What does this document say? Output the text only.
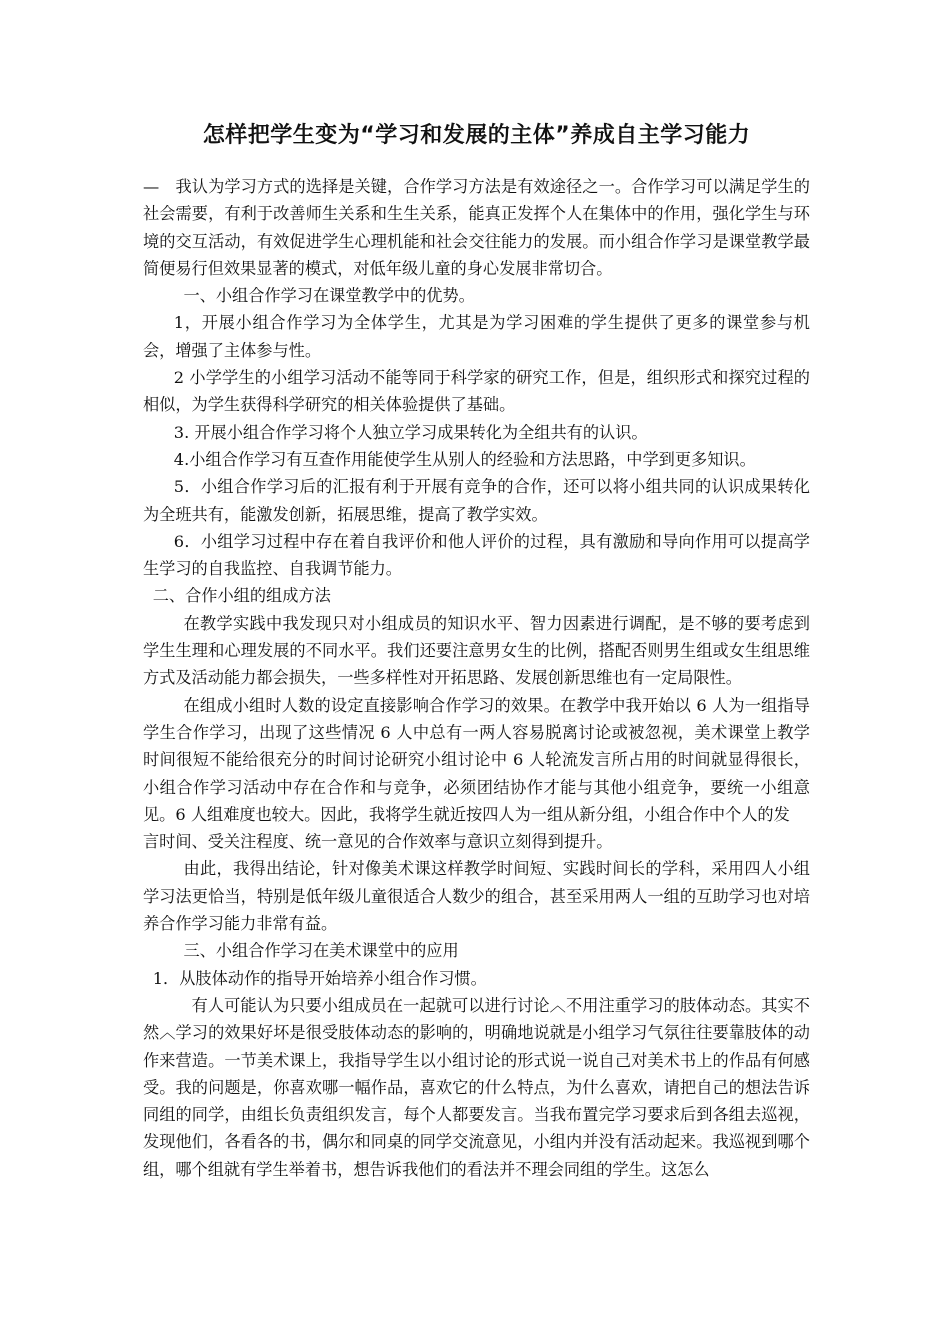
怎样把学生变为“学习和发展的主体”养成自主学习能力

—　我认为学习方式的选择是关键，合作学习方法是有效途径之一。合作学习可以满足学生的社会需要，有利于改善师生关系和生生关系，能真正发挥个人在集体中的作用，强化学生与环境的交互活动，有效促进学生心理机能和社会交往能力的发展。而小组合作学习是课堂教学最简便易行但效果显著的模式，对低年级儿童的身心发展非常切合。

一、小组合作学习在课堂教学中的优势。

1，开展小组合作学习为全体学生，尤其是为学习困难的学生提供了更多的课堂参与机会，增强了主体参与性。

2 小学学生的小组学习活动不能等同于科学家的研究工作，但是，组织形式和探究过程的相似，为学生获得科学研究的相关体验提供了基础。

3. 开展小组合作学习将个人独立学习成果转化为全组共有的认识。

4.小组合作学习有互查作用能使学生从别人的经验和方法思路，中学到更多知识。

5．小组合作学习后的汇报有利于开展有竞争的合作，还可以将小组共同的认识成果转化为全班共有，能激发创新，拓展思维，提高了教学实效。

6．小组学习过程中存在着自我评价和他人评价的过程，具有激励和导向作用可以提高学生学习的自我监控、自我调节能力。

二、合作小组的组成方法

在教学实践中我发现只对小组成员的知识水平、智力因素进行调配，是不够的要考虑到学生生理和心理发展的不同水平。我们还要注意男女生的比例，搭配否则男生组或女生组思维方式及活动能力都会损失，一些多样性对开拓思路、发展创新思维也有一定局限性。

在组成小组时人数的设定直接影响合作学习的效果。在教学中我开始以 6 人为一组指导学生合作学习，出现了这些情况 6 人中总有一两人容易脱离讨论或被忽视，美术课堂上教学时间很短不能给很充分的时间讨论研究小组讨论中 6 人轮流发言所占用的时间就显得很长，小组合作学习活动中存在合作和与竞争，必须团结协作才能与其他小组竞争，要统一小组意见。6 人组难度也较大。因此，我将学生就近按四人为一组从新分组，小组合作中个人的发

言时间、受关注程度、统一意见的合作效率与意识立刻得到提升。

由此，我得出结论，针对像美术课这样教学时间短、实践时间长的学科，采用四人小组学习法更恰当，特别是低年级儿童很适合人数少的组合，甚至采用两人一组的互助学习也对培养合作学习能力非常有益。

三、小组合作学习在美术课堂中的应用

1．从肢体动作的指导开始培养小组合作习惯。

有人可能认为只要小组成员在一起就可以进行讨论︿不用注重学习的肢体动态。其实不然︿学习的效果好坏是很受肢体动态的影响的，明确地说就是小组学习气氛往往要靠肢体的动作来营造。一节美术课上，我指导学生以小组讨论的形式说一说自己对美术书上的作品有何感受。我的问题是，你喜欢哪一幅作品，喜欢它的什么特点，为什么喜欢，请把自己的想法告诉同组的同学，由组长负责组织发言，每个人都要发言。当我布置完学习要求后到各组去巡视，发现他们，各看各的书，偶尔和同桌的同学交流意见，小组内并没有活动起来。我巡视到哪个组，哪个组就有学生举着书，想告诉我他们的看法并不理会同组的学生。这怎么
